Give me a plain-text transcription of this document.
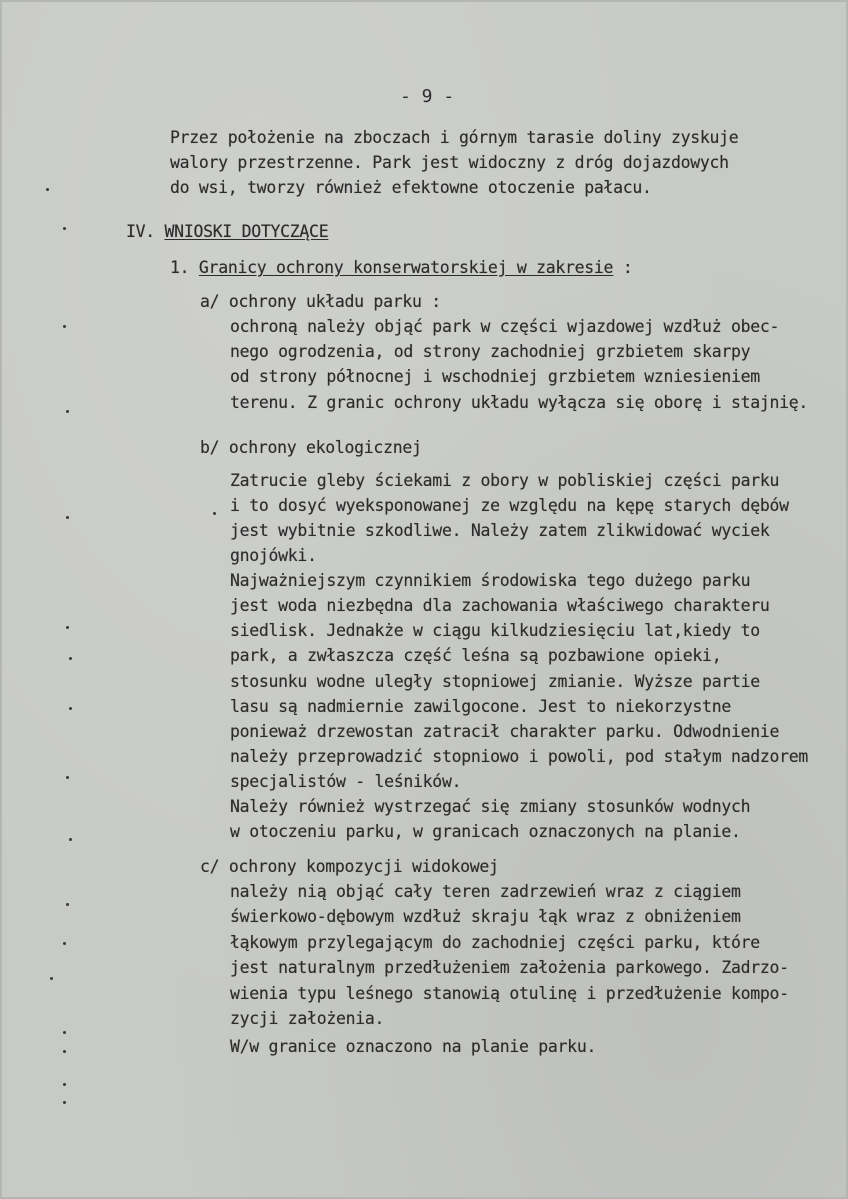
- 9 -
Przez położenie na zboczach i górnym tarasie doliny zyskuje
walory przestrzenne. Park jest widoczny z dróg dojazdowych
do wsi, tworzy również efektowne otoczenie pałacu.
IV. WNIOSKI DOTYCZĄCE
1. Granicy ochrony konserwatorskiej w zakresie :
a/ ochrony układu parku :
ochroną należy objąć park w części wjazdowej wzdłuż obec-
nego ogrodzenia, od strony zachodniej grzbietem skarpy
od strony północnej i wschodniej grzbietem wzniesieniem
terenu. Z granic ochrony układu wyłącza się oborę i stajnię.
b/ ochrony ekologicznej
Zatrucie gleby ściekami z obory w pobliskiej części parku
i to dosyć wyeksponowanej ze względu na kępę starych dębów
jest wybitnie szkodliwe. Należy zatem zlikwidować wyciek
gnojówki.
Najważniejszym czynnikiem środowiska tego dużego parku
jest woda niezbędna dla zachowania właściwego charakteru
siedlisk. Jednakże w ciągu kilkudziesięciu lat,kiedy to
park, a zwłaszcza część leśna są pozbawione opieki,
stosunku wodne uległy stopniowej zmianie. Wyższe partie
lasu są nadmiernie zawilgocone. Jest to niekorzystne
ponieważ drzewostan zatracił charakter parku. Odwodnienie
należy przeprowadzić stopniowo i powoli, pod stałym nadzorem
specjalistów - leśników.
Należy również wystrzegać się zmiany stosunków wodnych
w otoczeniu parku, w granicach oznaczonych na planie.
c/ ochrony kompozycji widokowej
należy nią objąć cały teren zadrzewień wraz z ciągiem
świerkowo-dębowym wzdłuż skraju łąk wraz z obniżeniem
łąkowym przylegającym do zachodniej części parku, które
jest naturalnym przedłużeniem założenia parkowego. Zadrzo-
wienia typu leśnego stanowią otulinę i przedłużenie kompo-
zycji założenia.
W/w granice oznaczono na planie parku.
